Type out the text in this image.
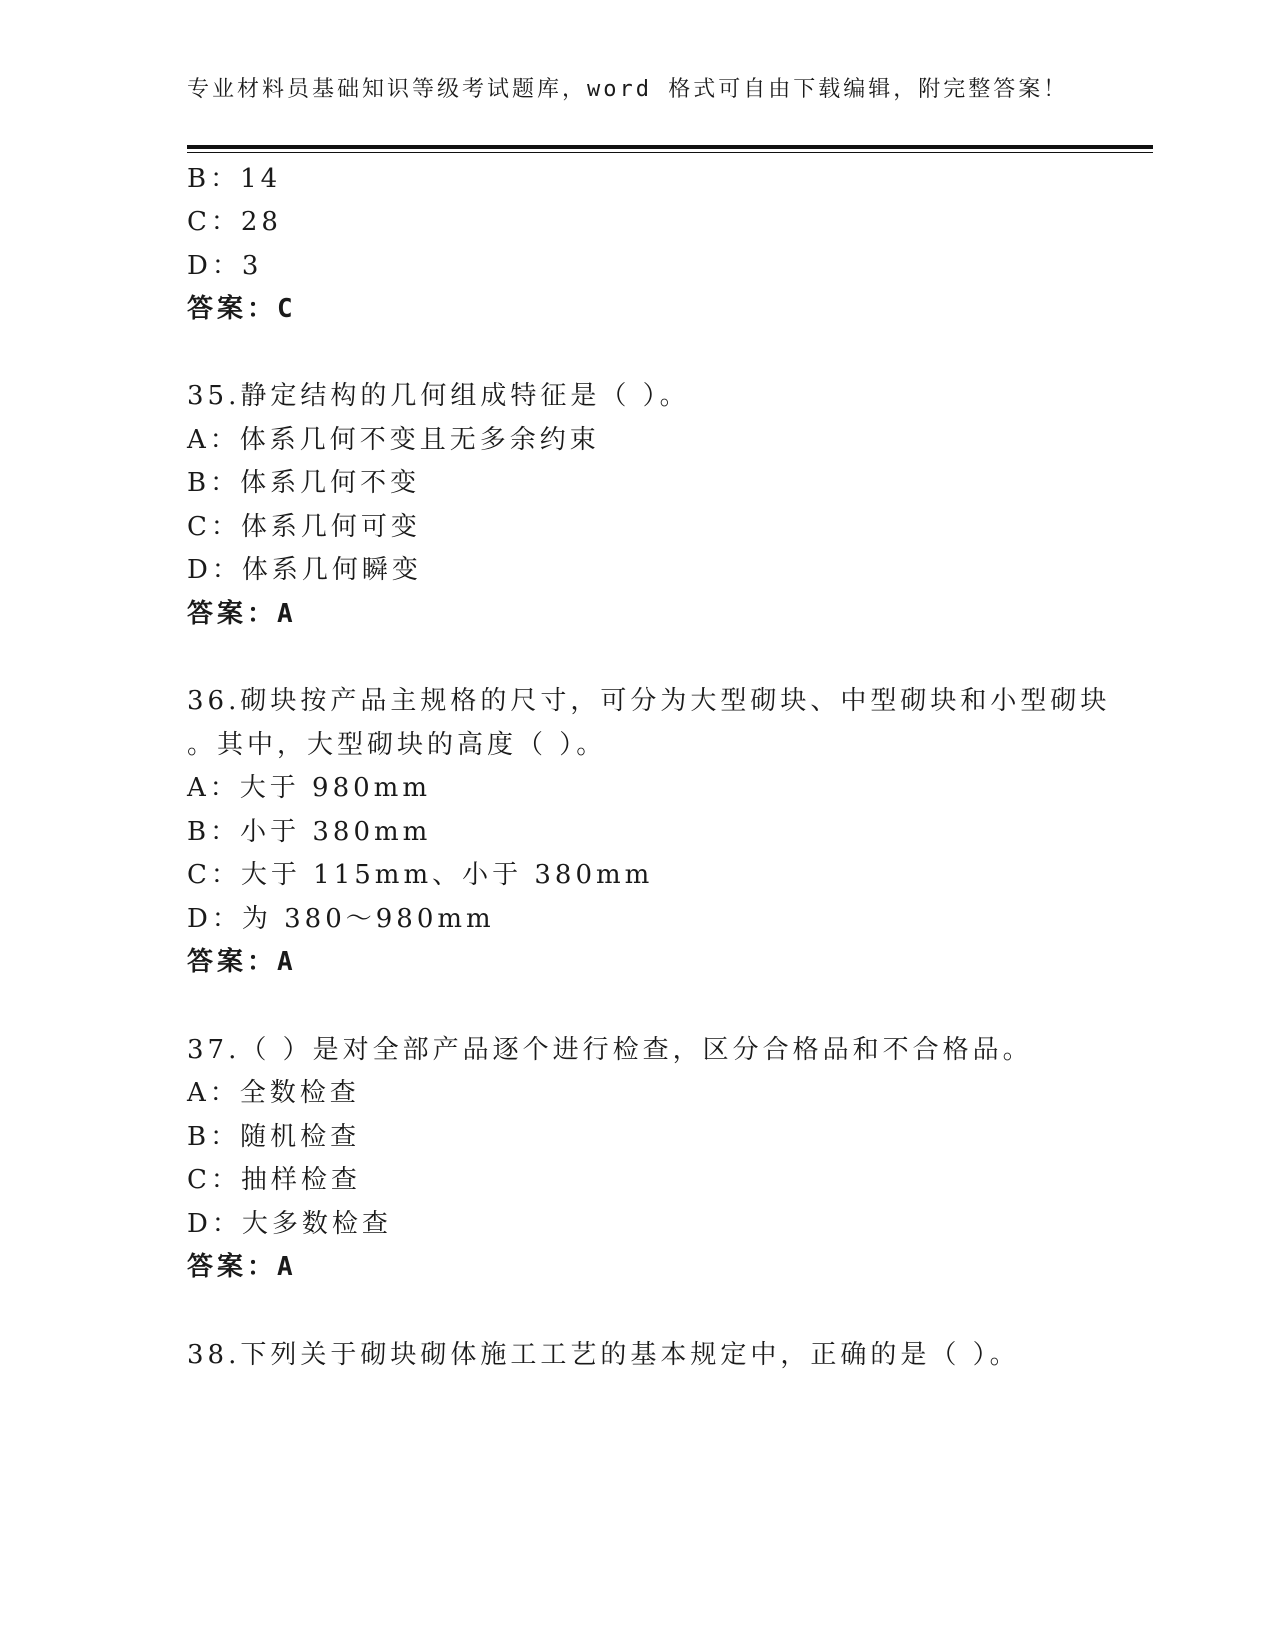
专业材料员基础知识等级考试题库，word 格式可自由下载编辑，附完整答案！
B：14
C：28
D：3
答案：C
35.静定结构的几何组成特征是（ ）。
A：体系几何不变且无多余约束
B：体系几何不变
C：体系几何可变
D：体系几何瞬变
答案：A
36.砌块按产品主规格的尺寸，可分为大型砌块、中型砌块和小型砌块
。其中，大型砌块的高度（ ）。
A：大于 980mm
B：小于 380mm
C：大于 115mm、小于 380mm
D：为 380～980mm
答案：A
37.（ ）是对全部产品逐个进行检查，区分合格品和不合格品。
A：全数检查
B：随机检查
C：抽样检查
D：大多数检查
答案：A
38.下列关于砌块砌体施工工艺的基本规定中，正确的是（ ）。
